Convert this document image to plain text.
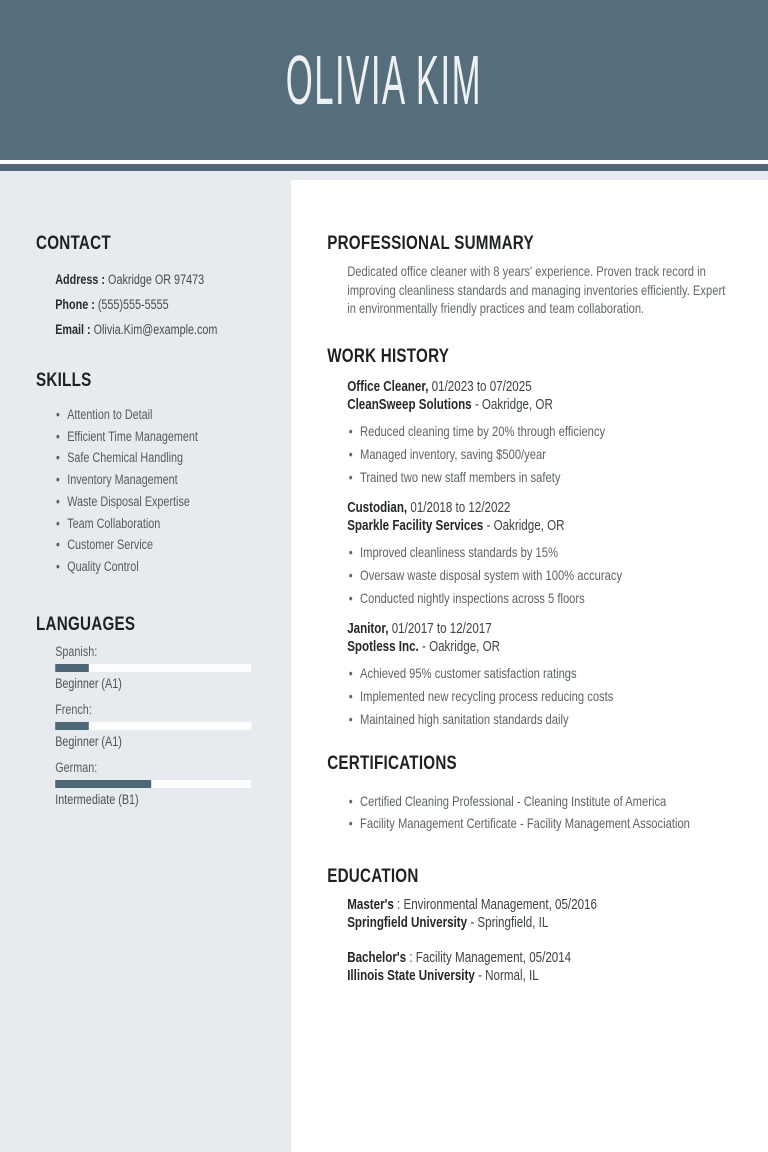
OLIVIA KIM
CONTACT
Address : Oakridge OR 97473
Phone : (555)555-5555
Email : Olivia.Kim@example.com
SKILLS
• Attention to Detail
• Efficient Time Management
• Safe Chemical Handling
• Inventory Management
• Waste Disposal Expertise
• Team Collaboration
• Customer Service
• Quality Control
LANGUAGES
Spanish:
Beginner (A1)
French:
Beginner (A1)
German:
Intermediate (B1)
PROFESSIONAL SUMMARY

Dedicated office cleaner with 8 years' experience. Proven track record in improving cleanliness standards and managing inventories efficiently. Expert in environmentally friendly practices and team collaboration.

WORK HISTORY
Office Cleaner, 01/2023 to 07/2025
CleanSweep Solutions - Oakridge, OR
• Reduced cleaning time by 20% through efficiency
• Managed inventory, saving $500/year
• Trained two new staff members in safety
Custodian, 01/2018 to 12/2022
Sparkle Facility Services - Oakridge, OR
• Improved cleanliness standards by 15%
• Oversaw waste disposal system with 100% accuracy
• Conducted nightly inspections across 5 floors
Janitor, 01/2017 to 12/2017
Spotless Inc. - Oakridge, OR
• Achieved 95% customer satisfaction ratings
• Implemented new recycling process reducing costs
• Maintained high sanitation standards daily
CERTIFICATIONS
• Certified Cleaning Professional - Cleaning Institute of America
• Facility Management Certificate - Facility Management Association
EDUCATION
Master's : Environmental Management, 05/2016
Springfield University - Springfield, IL
Bachelor's : Facility Management, 05/2014
Illinois State University - Normal, IL
